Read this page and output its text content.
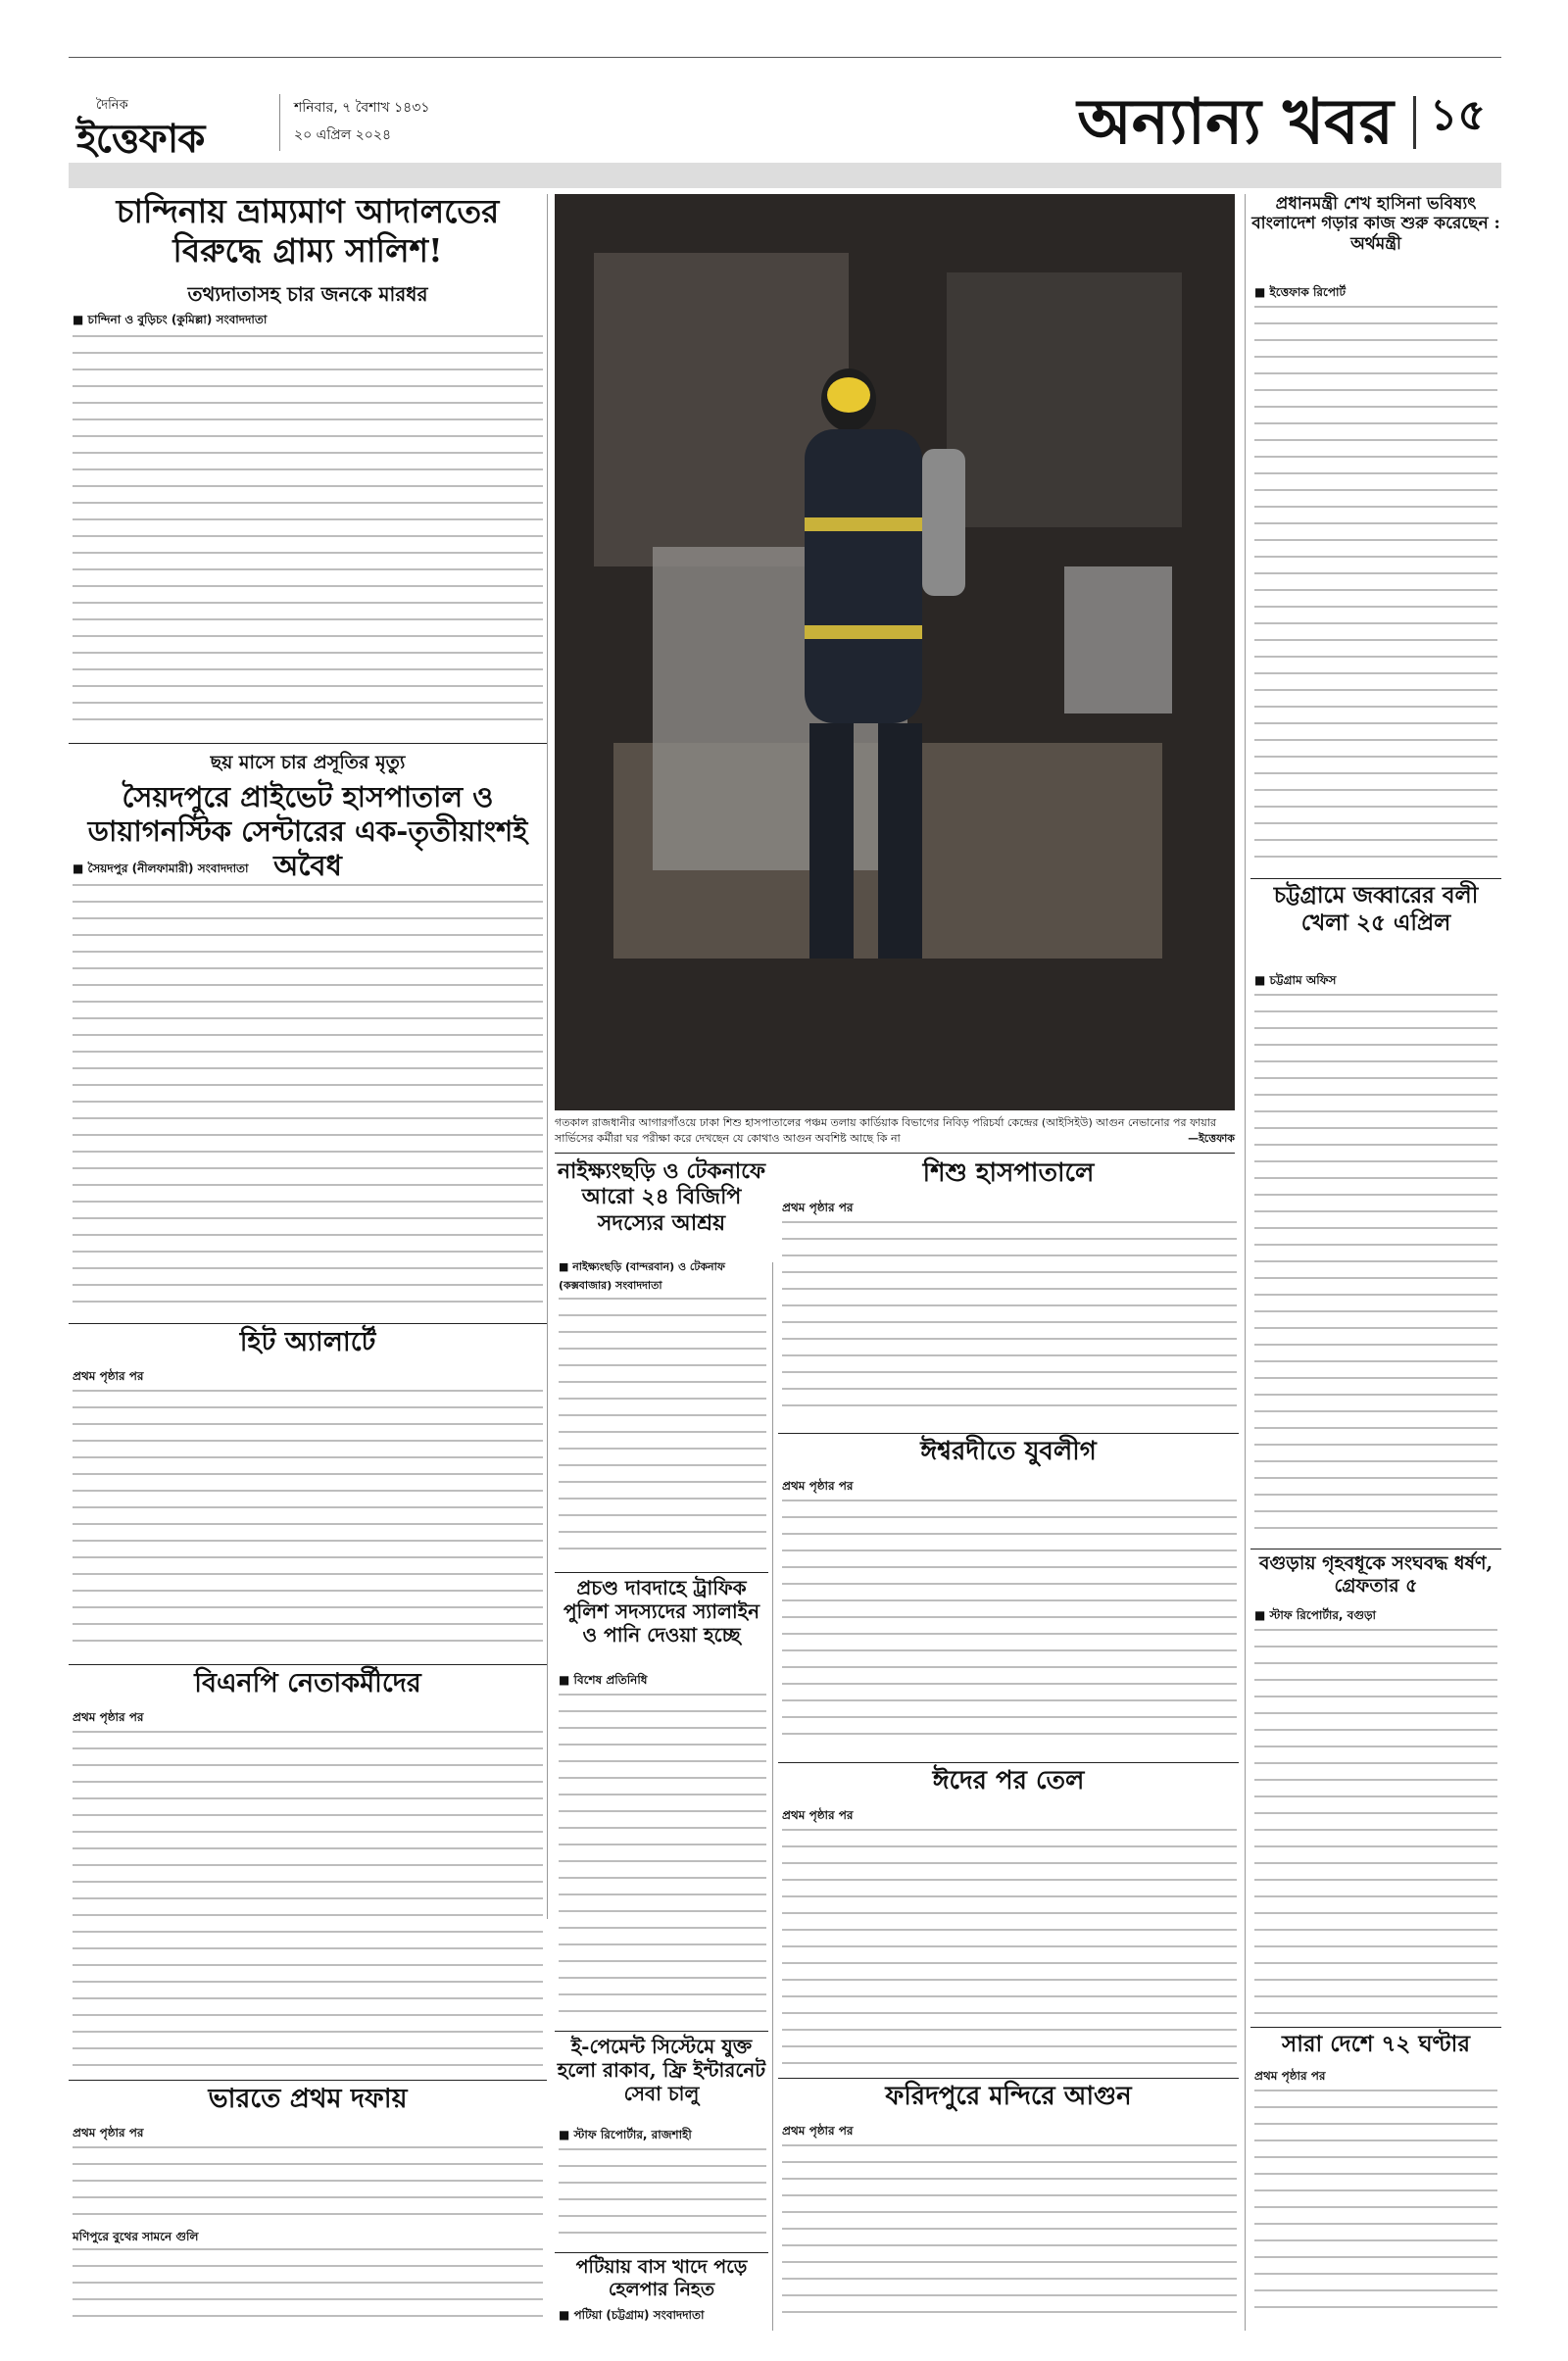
দৈনিক
ইত্তেফাক
শনিবার, ৭ বৈশাখ ১৪৩১
২০ এপ্রিল ২০২৪	অন্যান্য খবর ১৫
চান্দিনায় ভ্রাম্যমাণ আদালতের বিরুদ্ধে গ্রাম্য সালিশ!
তথ্যদাতাসহ চার জনকে মারধর
■ চান্দিনা ও বুড়িচং (কুমিল্লা) সংবাদদাতা
ছয় মাসে চার প্রসূতির মৃত্যু
সৈয়দপুরে প্রাইভেট হাসপাতাল ও ডায়াগনস্টিক সেন্টারের এক-তৃতীয়াংশই অবৈধ
■ সৈয়দপুর (নীলফামারী) সংবাদদাতা
হিট অ্যালার্টে
প্রথম পৃষ্ঠার পর
বিএনপি নেতাকর্মীদের
প্রথম পৃষ্ঠার পর
ভারতে প্রথম দফায়
প্রথম পৃষ্ঠার পর
মণিপুরে বুথের সামনে গুলি
গতকাল রাজধানীর আগারগাঁওয়ে ঢাকা শিশু হাসপাতালের পঞ্চম তলায় কার্ডিয়াক বিভাগের নিবিড় পরিচর্যা কেন্দ্রের (আইসিইউ) আগুন নেভানোর পর ফায়ার সার্ভিসের কর্মীরা ঘর পরীক্ষা করে দেখছেন যে কোথাও আগুন অবশিষ্ট আছে কি না	—ইত্তেফাক
নাইক্ষ্যংছড়ি ও টেকনাফে আরো ২৪ বিজিপি সদস্যের আশ্রয়
■ নাইক্ষ্যংছড়ি (বান্দরবান) ও টেকনাফ (কক্সবাজার) সংবাদদাতা
প্রচণ্ড দাবদাহে ট্রাফিক পুলিশ সদস্যদের স্যালাইন ও পানি দেওয়া হচ্ছে
■ বিশেষ প্রতিনিধি
ই-পেমেন্ট সিস্টেমে যুক্ত হলো রাকাব, ফ্রি ইন্টারনেট সেবা চালু
■ স্টাফ রিপোর্টার, রাজশাহী
পটিয়ায় বাস খাদে পড়ে হেলপার নিহত
■ পটিয়া (চট্টগ্রাম) সংবাদদাতা
শিশু হাসপাতালে
প্রথম পৃষ্ঠার পর
ঈশ্বরদীতে যুবলীগ
প্রথম পৃষ্ঠার পর
ঈদের পর তেল
প্রথম পৃষ্ঠার পর
ফরিদপুরে মন্দিরে আগুন
প্রথম পৃষ্ঠার পর
প্রধানমন্ত্রী শেখ হাসিনা ভবিষ্যৎ বাংলাদেশ গড়ার কাজ শুরু করেছেন : অর্থমন্ত্রী
■ ইত্তেফাক রিপোর্ট
চট্টগ্রামে জব্বারের বলী খেলা ২৫ এপ্রিল
■ চট্টগ্রাম অফিস
বগুড়ায় গৃহবধূকে সংঘবদ্ধ ধর্ষণ, গ্রেফতার ৫
■ স্টাফ রিপোর্টার, বগুড়া
সারা দেশে ৭২ ঘণ্টার
প্রথম পৃষ্ঠার পর
